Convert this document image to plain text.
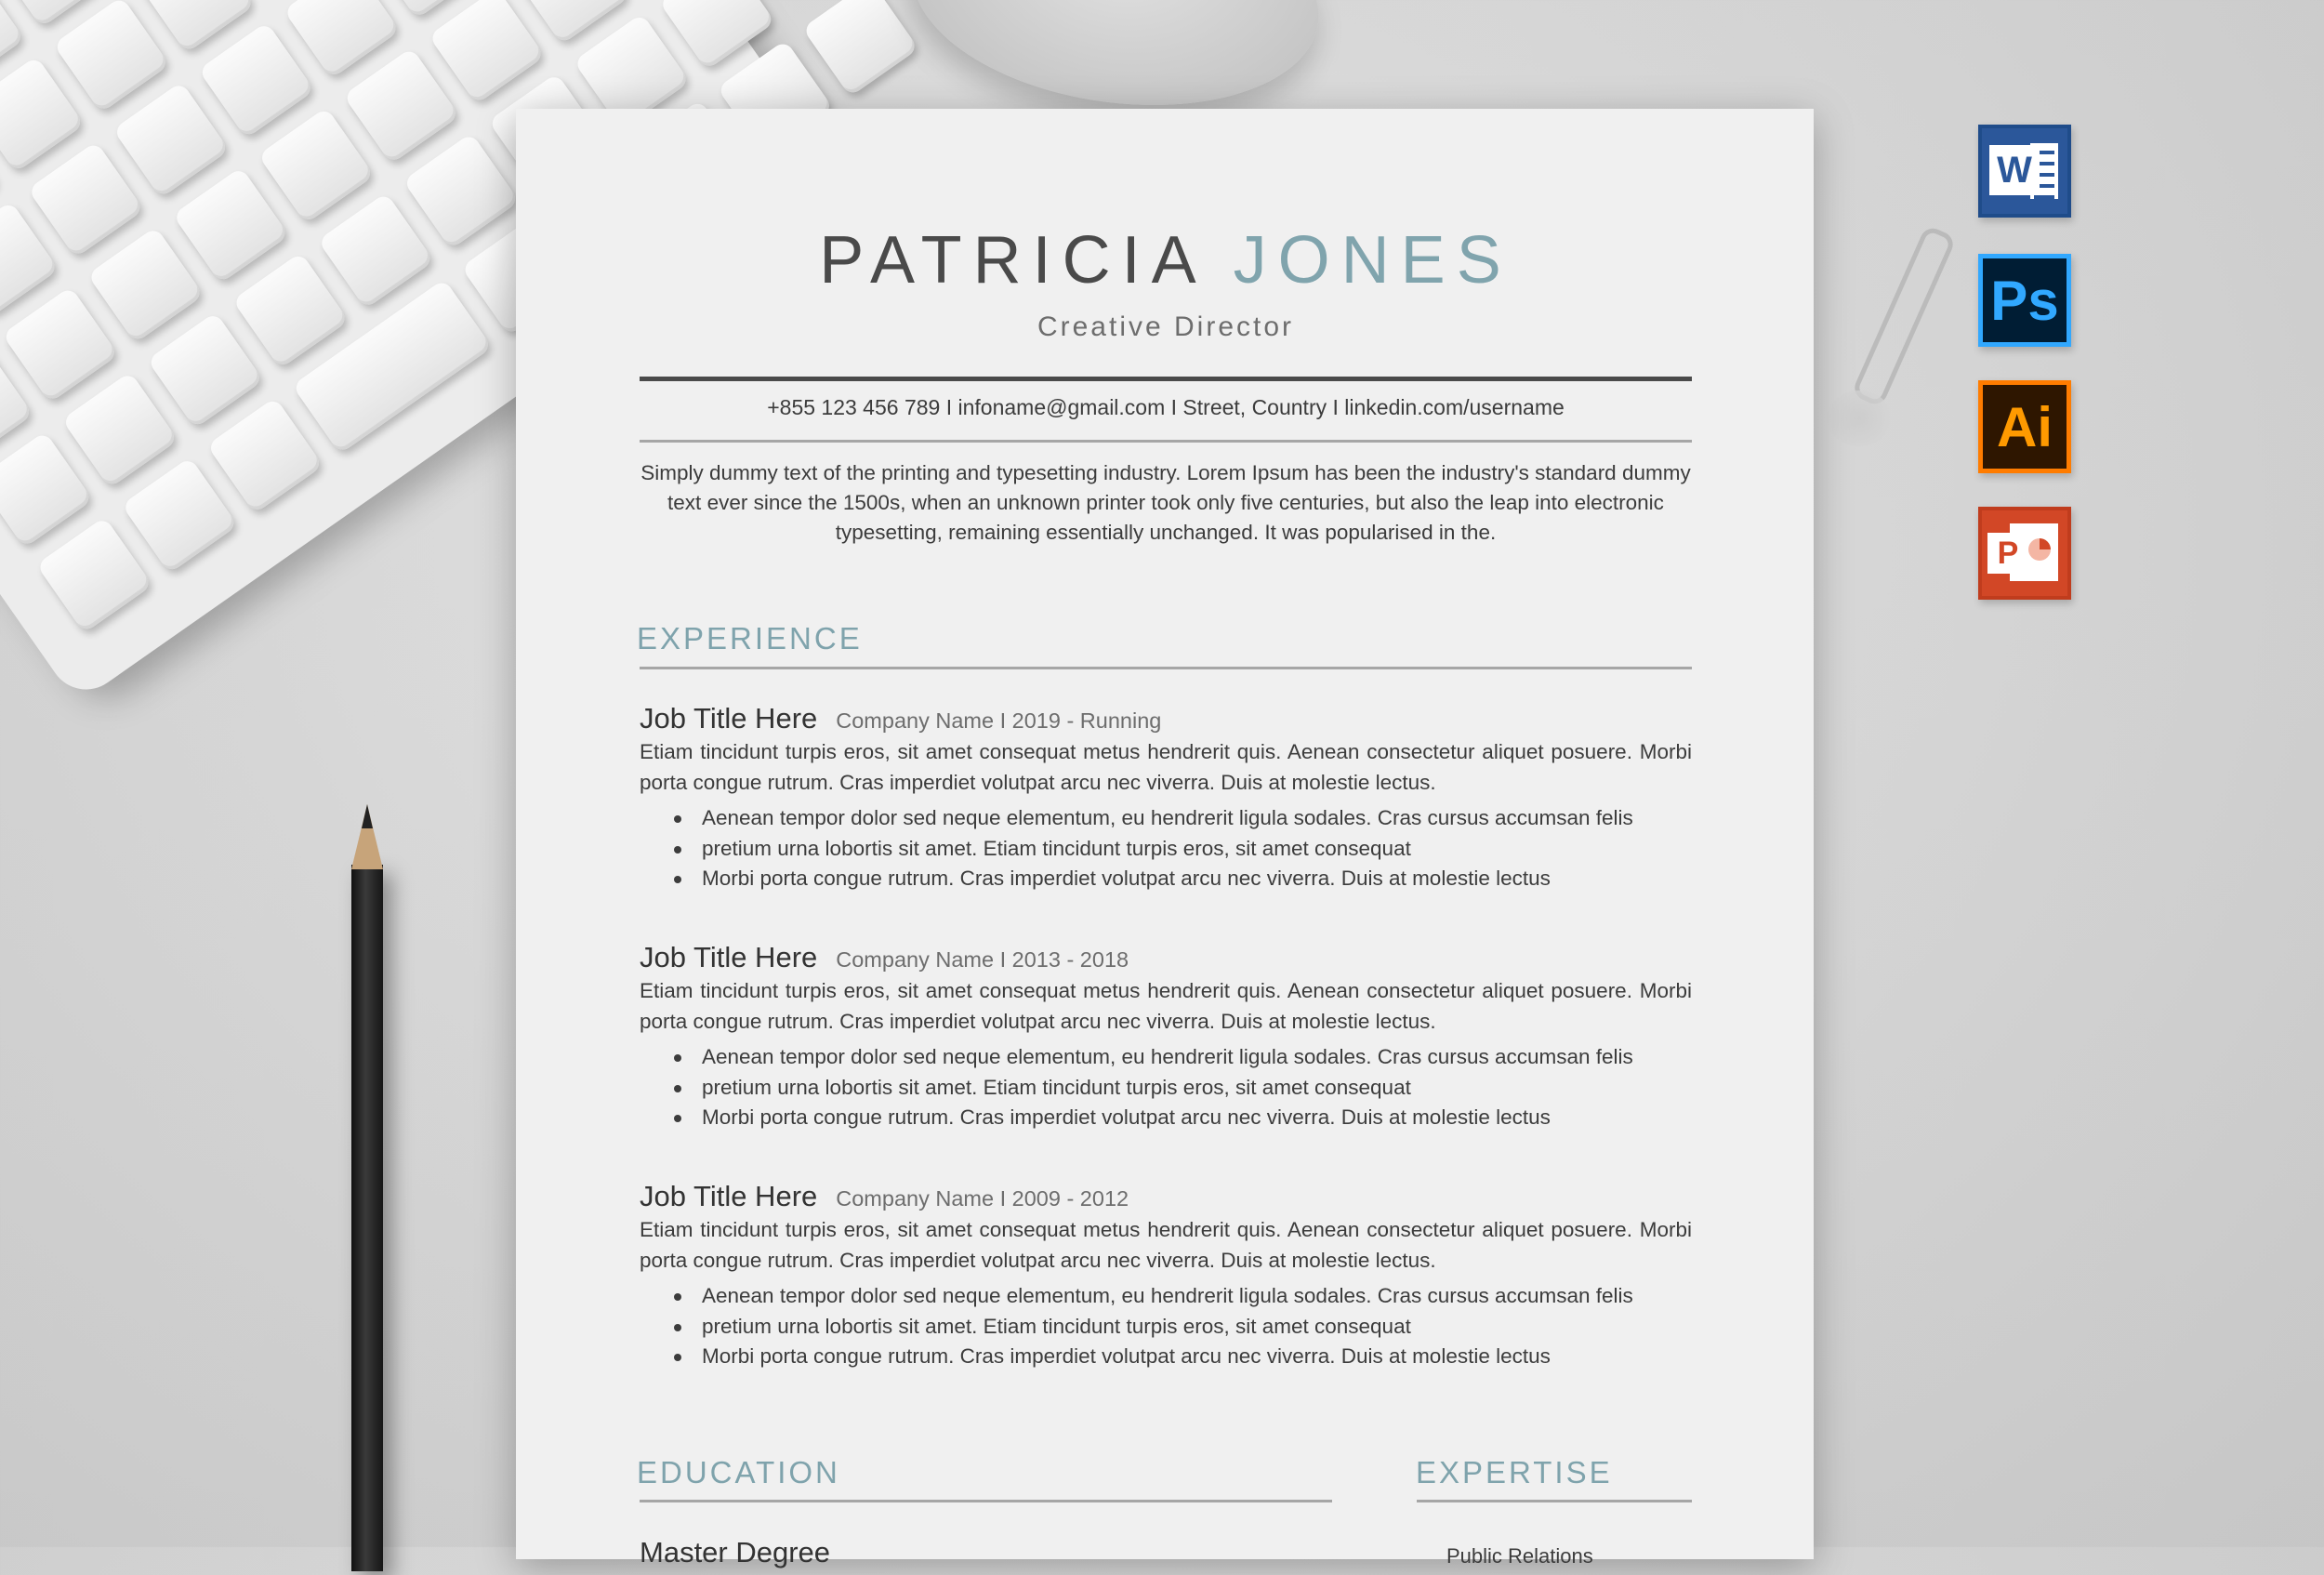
W
Ps
Ai
P
PATRICIA JONES
Creative Director
+855 123 456 789 I infoname@gmail.com I Street, Country I linkedin.com/username
Simply dummy text of the printing and typesetting industry. Lorem Ipsum has been the industry's standard dummy text ever since the 1500s, when an unknown printer took only five centuries, but also the leap into electronic typesetting, remaining essentially unchanged. It was popularised in the.
EXPERIENCE
Job Title Here Company Name I 2019 - Running
Etiam tincidunt turpis eros, sit amet consequat metus hendrerit quis. Aenean consectetur aliquet posuere. Morbi porta congue rutrum. Cras imperdiet volutpat arcu nec viverra. Duis at molestie lectus.
Aenean tempor dolor sed neque elementum, eu hendrerit ligula sodales. Cras cursus accumsan felis
pretium urna lobortis sit amet. Etiam tincidunt turpis eros, sit amet consequat
Morbi porta congue rutrum. Cras imperdiet volutpat arcu nec viverra. Duis at molestie lectus
Job Title Here Company Name I 2013 - 2018
Etiam tincidunt turpis eros, sit amet consequat metus hendrerit quis. Aenean consectetur aliquet posuere. Morbi porta congue rutrum. Cras imperdiet volutpat arcu nec viverra. Duis at molestie lectus.
Aenean tempor dolor sed neque elementum, eu hendrerit ligula sodales. Cras cursus accumsan felis
pretium urna lobortis sit amet. Etiam tincidunt turpis eros, sit amet consequat
Morbi porta congue rutrum. Cras imperdiet volutpat arcu nec viverra. Duis at molestie lectus
Job Title Here Company Name I 2009 - 2012
Etiam tincidunt turpis eros, sit amet consequat metus hendrerit quis. Aenean consectetur aliquet posuere. Morbi porta congue rutrum. Cras imperdiet volutpat arcu nec viverra. Duis at molestie lectus.
Aenean tempor dolor sed neque elementum, eu hendrerit ligula sodales. Cras cursus accumsan felis
pretium urna lobortis sit amet. Etiam tincidunt turpis eros, sit amet consequat
Morbi porta congue rutrum. Cras imperdiet volutpat arcu nec viverra. Duis at molestie lectus
EDUCATION	EXPERTISE
Master Degree	Public Relations
